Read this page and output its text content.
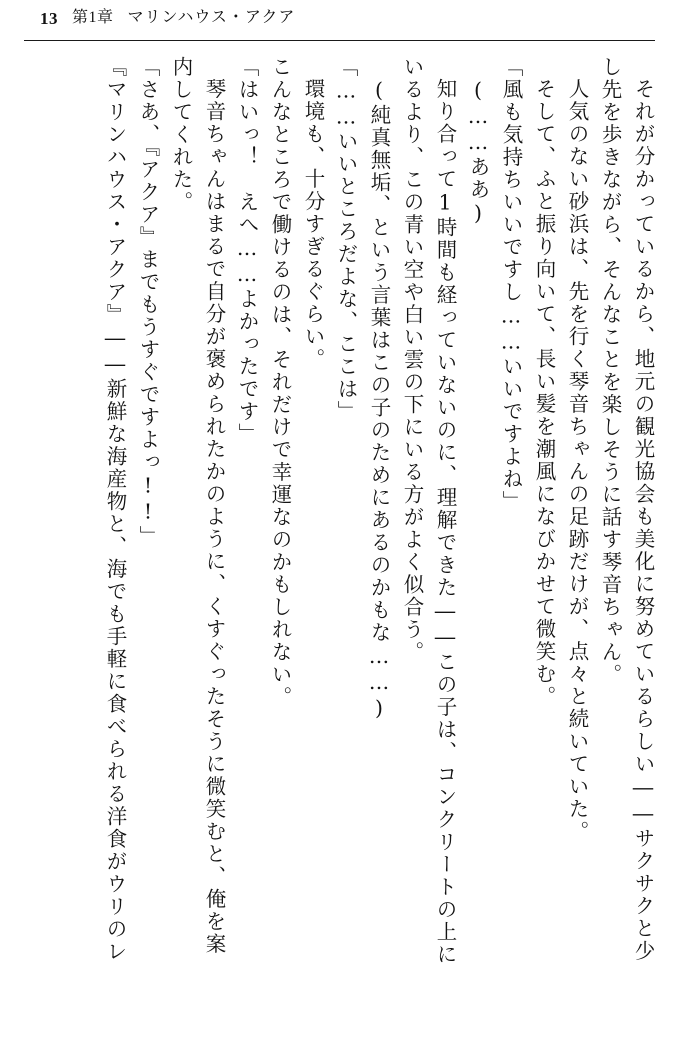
13 第1章 マリンハウス・アクア
それが分かっているから、地元の観光協会も美化に努めているらしい――サクサクと少
し先を歩きながら、そんなことを楽しそうに話す琴音ちゃん。
人気のない砂浜は、先を行く琴音ちゃんの足跡だけが、点々と続いていた。
そして、ふと振り向いて、長い髪を潮風になびかせて微笑む。
「風も気持ちいいですし……いいですよね」
(……ああ)
知り合って1時間も経っていないのに、理解できた――この子は、コンクリートの上に
いるより、この青い空や白い雲の下にいる方がよく似合う。
(純真無垢、という言葉はこの子のためにあるのかもな……)
「……いいところだよな、ここは」
環境も、十分すぎるぐらい。
こんなところで働けるのは、それだけで幸運なのかもしれない。
「はいっ！　えへ……よかったです」
琴音ちゃんはまるで自分が褒められたかのように、くすぐったそうに微笑むと、俺を案
内してくれた。
「さあ、『アクア』までもうすぐですよっ!!」
『マリンハウス・アクア』――新鮮な海産物と、海でも手軽に食べられる洋食がウリのレ
